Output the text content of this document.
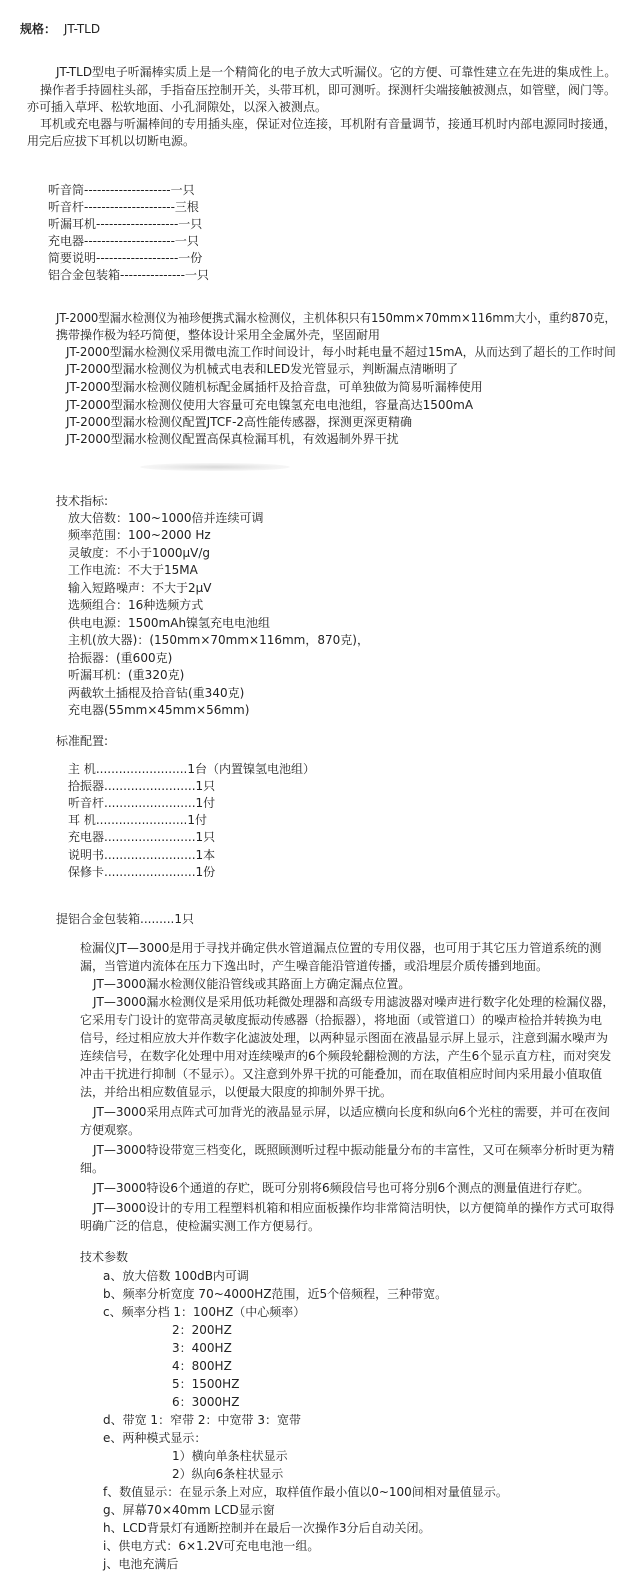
规格： JT-TLD
JT-TLD型电子听漏棒实质上是一个精简化的电子放大式听漏仪。它的方便、可靠性建立在先进的集成性上。
操作者手持圆柱头部，手指奋压控制开关，头带耳机，即可测听。探测杆尖端接触被测点，如管壁，阀门等。
亦可插入草坪、松软地面、小孔洞隙处，以深入被测点。
耳机或充电器与听漏棒间的专用插头座，保证对位连接，耳机附有音量调节，接通耳机时内部电源同时接通，
用完后应拔下耳机以切断电源。
听音筒--------------------一只
听音杆---------------------三根
听漏耳机-------------------一只
充电器---------------------一只
简要说明-------------------一份
铝合金包装箱---------------一只
JT-2000型漏水检测仪为袖珍便携式漏水检测仪，主机体积只有150mm×70mm×116mm大小，重约870克，
携带操作极为轻巧简便，整体设计采用全金属外壳，坚固耐用
JT-2000型漏水检测仪采用微电流工作时间设计，每小时耗电量不超过15mA，从而达到了超长的工作时间
JT-2000型漏水检测仪为机械式电表和LED发光管显示，判断漏点清晰明了
JT-2000型漏水检测仪随机标配金属插杆及拾音盘，可单独做为简易听漏棒使用
JT-2000型漏水检测仪使用大容量可充电镍氢充电电池组，容量高达1500mA
JT-2000型漏水检测仪配置JTCF-2高性能传感器，探测更深更精确
JT-2000型漏水检测仪配置高保真检漏耳机，有效遏制外界干扰
技术指标:
放大倍数：100~1000倍并连续可调
频率范围：100~2000 Hz
灵敏度：不小于1000μV/g
工作电流：不大于15MA
输入短路噪声：不大于2μV
选频组合：16种选频方式
供电电源：1500mAh镍氢充电电池组
主机(放大器)：(150mm×70mm×116mm，870克)，
拾振器：(重600克)
听漏耳机：(重320克)
两截软土插棍及拾音钻(重340克)
充电器(55mm×45mm×56mm)
标准配置:
主 机........................1台（内置镍氢电池组）
拾振器........................1只
听音杆........................1付
耳 机........................1付
充电器........................1只
说明书........................1本
保修卡........................1份
提铝合金包装箱.........1只
检漏仪JT—3000是用于寻找并确定供水管道漏点位置的专用仪器，也可用于其它压力管道系统的测
漏，当管道内流体在压力下逸出时，产生噪音能沿管道传播，或沿埋层介质传播到地面。
JT—3000漏水检测仪能沿管线或其路面上方确定漏点位置。
JT—3000漏水检测仪是采用低功耗微处理器和高级专用滤波器对噪声进行数字化处理的检漏仪器，
它采用专门设计的宽带高灵敏度振动传感器（拾振器），将地面（或管道口）的噪声检拾并转换为电
信号，经过相应放大并作数字化滤波处理，以两种显示图面在液晶显示屏上显示，注意到漏水噪声为
连续信号，在数字化处理中用对连续噪声的6个频段轮翻检测的方法，产生6个显示直方柱，而对突发
冲击干扰进行抑制（不显示）。又注意到外界干扰的可能叠加，而在取值相应时间内采用最小值取值
法，并给出相应数值显示，以便最大限度的抑制外界干扰。
JT—3000采用点阵式可加背光的液晶显示屏，以适应横向长度和纵向6个光柱的需要，并可在夜间
方便观察。
JT—3000特设带宽三档变化，既照顾测听过程中振动能量分布的丰富性，又可在频率分析时更为精
细。
JT—3000特设6个通道的存贮，既可分别将6频段信号也可将分别6个测点的测量值进行存贮。
JT—3000设计的专用工程塑料机箱和相应面板操作均非常简洁明快，以方便简单的操作方式可取得
明确广泛的信息，使检漏实测工作方便易行。
技术参数
a、放大倍数 100dB内可调
b、频率分析宽度 70~4000HZ范围，近5个倍频程，三种带宽。
c、频率分档 1：100HZ（中心频率）
2：200HZ
3：400HZ
4：800HZ
5：1500HZ
6：3000HZ
d、带宽 1：窄带 2：中宽带 3：宽带
e、两种模式显示：
1）横向单条柱状显示
2）纵向6条柱状显示
f、数值显示：在显示条上对应，取样值作最小值以0~100间相对量值显示。
g、屏幕70×40mm LCD显示窗
h、LCD背景灯有通断控制并在最后一次操作3分后自动关闭。
i、供电方式：6×1.2V可充电电池一组。
j、电池充满后
